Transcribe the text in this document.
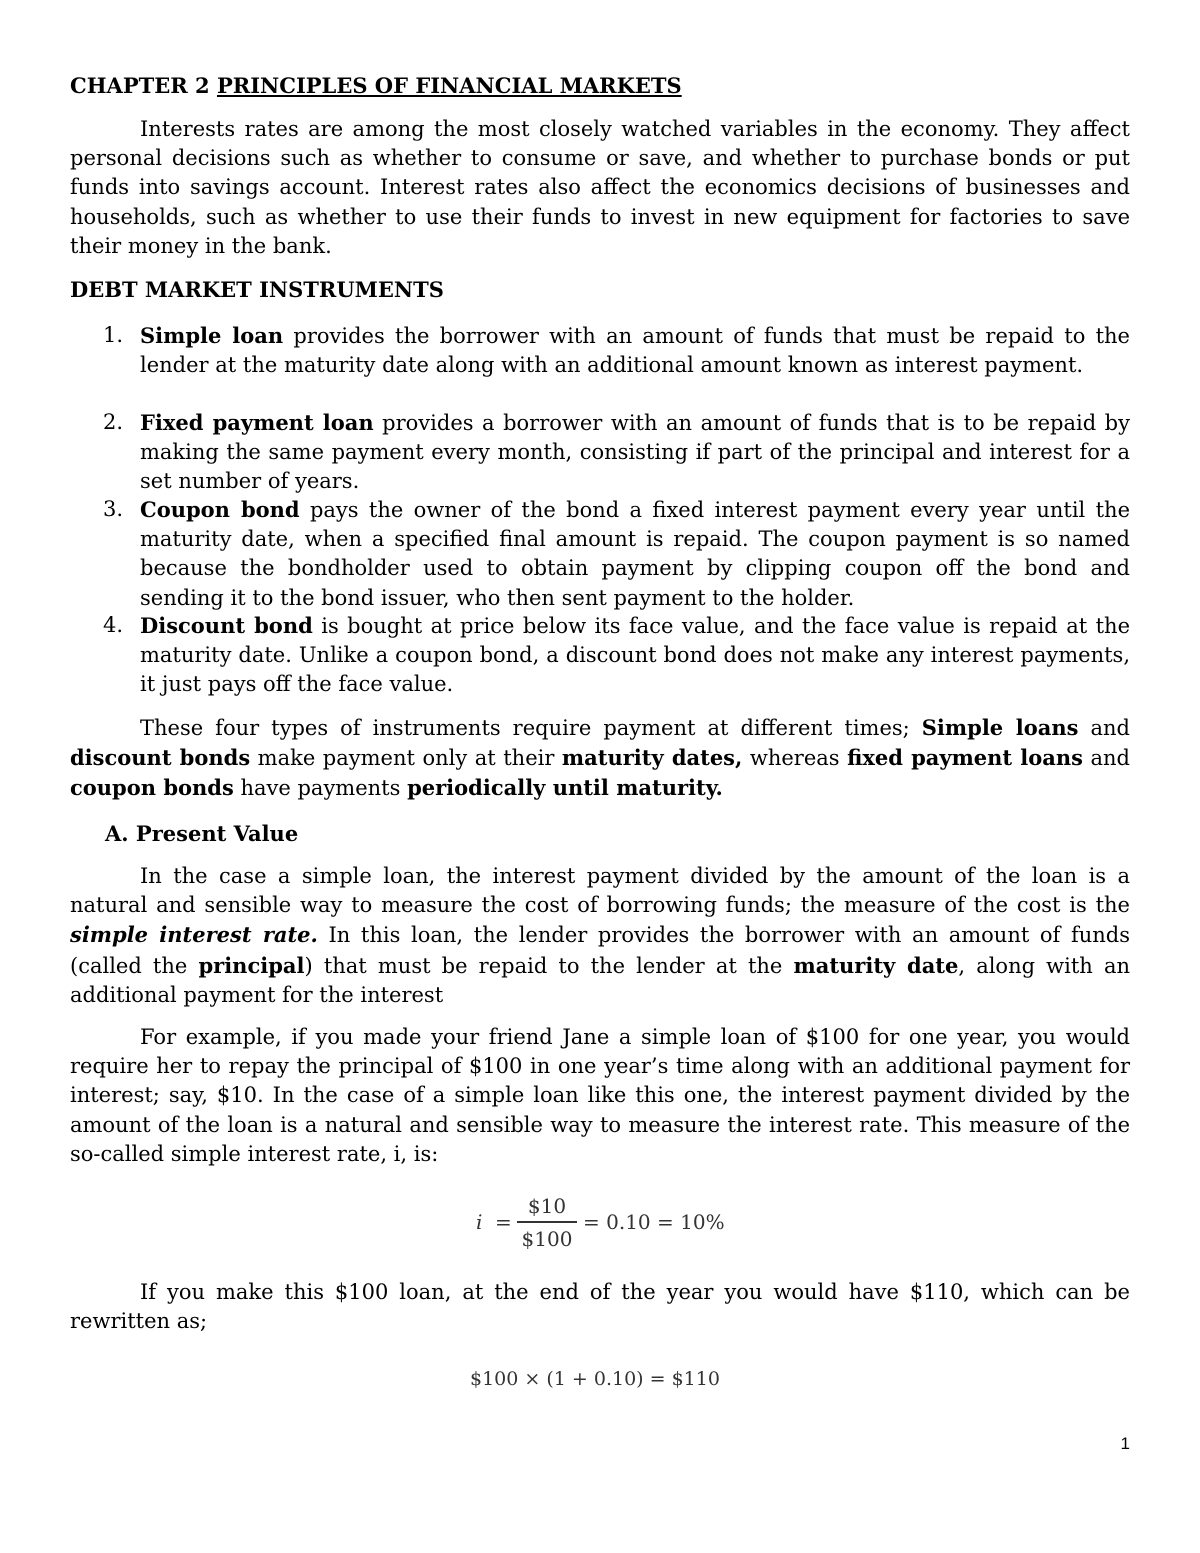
CHAPTER 2 PRINCIPLES OF FINANCIAL MARKETS

Interests rates are among the most closely watched variables in the economy. They affect personal decisions such as whether to consume or save, and whether to purchase bonds or put funds into savings account. Interest rates also affect the economics decisions of businesses and households, such as whether to use their funds to invest in new equipment for factories to save their money in the bank.

DEBT MARKET INSTRUMENTS

1. Simple loan provides the borrower with an amount of funds that must be repaid to the lender at the maturity date along with an additional amount known as interest payment.

2. Fixed payment loan provides a borrower with an amount of funds that is to be repaid by making the same payment every month, consisting if part of the principal and interest for a set number of years.

3. Coupon bond pays the owner of the bond a fixed interest payment every year until the maturity date, when a specified final amount is repaid. The coupon payment is so named because the bondholder used to obtain payment by clipping coupon off the bond and sending it to the bond issuer, who then sent payment to the holder.

4. Discount bond is bought at price below its face value, and the face value is repaid at the maturity date. Unlike a coupon bond, a discount bond does not make any interest payments, it just pays off the face value.

These four types of instruments require payment at different times; Simple loans and discount bonds make payment only at their maturity dates, whereas fixed payment loans and coupon bonds have payments periodically until maturity.

A. Present Value

In the case a simple loan, the interest payment divided by the amount of the loan is a natural and sensible way to measure the cost of borrowing funds; the measure of the cost is the simple interest rate. In this loan, the lender provides the borrower with an amount of funds (called the principal) that must be repaid to the lender at the maturity date, along with an additional payment for the interest

For example, if you made your friend Jane a simple loan of $100 for one year, you would require her to repay the principal of $100 in one year’s time along with an additional payment for interest; say, $10. In the case of a simple loan like this one, the interest payment divided by the amount of the loan is a natural and sensible way to measure the interest rate. This measure of the so-called simple interest rate, i, is:

i =
$10
$100
= 0.10 = 10%

If you make this $100 loan, at the end of the year you would have $110, which can be rewritten as;

$100 × (1 + 0.10) = $110
1
